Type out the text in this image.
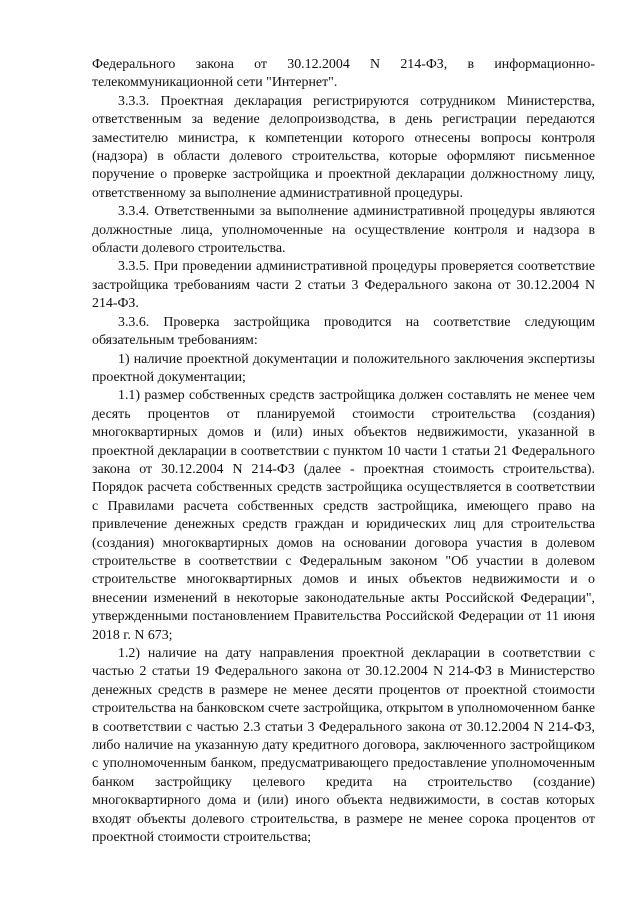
Федерального закона от 30.12.2004 N 214-ФЗ, в информационно-телекоммуникационной сети "Интернет".

3.3.3. Проектная декларация регистрируются сотрудником Министерства, ответственным за ведение делопроизводства, в день регистрации передаются заместителю министра, к компетенции которого отнесены вопросы контроля (надзора) в области долевого строительства, которые оформляют письменное поручение о проверке застройщика и проектной декларации должностному лицу, ответственному за выполнение административной процедуры.

3.3.4. Ответственными за выполнение административной процедуры являются должностные лица, уполномоченные на осуществление контроля и надзора в области долевого строительства.

3.3.5. При проведении административной процедуры проверяется соответствие застройщика требованиям части 2 статьи 3 Федерального закона от 30.12.2004 N 214-ФЗ.

3.3.6. Проверка застройщика проводится на соответствие следующим обязательным требованиям:

1) наличие проектной документации и положительного заключения экспертизы проектной документации;

1.1) размер собственных средств застройщика должен составлять не менее чем десять процентов от планируемой стоимости строительства (создания) многоквартирных домов и (или) иных объектов недвижимости, указанной в проектной декларации в соответствии с пунктом 10 части 1 статьи 21 Федерального закона от 30.12.2004 N 214-ФЗ (далее - проектная стоимость строительства). Порядок расчета собственных средств застройщика осуществляется в соответствии с Правилами расчета собственных средств застройщика, имеющего право на привлечение денежных средств граждан и юридических лиц для строительства (создания) многоквартирных домов на основании договора участия в долевом строительстве в соответствии с Федеральным законом "Об участии в долевом строительстве многоквартирных домов и иных объектов недвижимости и о внесении изменений в некоторые законодательные акты Российской Федерации", утвержденными постановлением Правительства Российской Федерации от 11 июня 2018 г. N 673;

1.2) наличие на дату направления проектной декларации в соответствии с частью 2 статьи 19 Федерального закона от 30.12.2004 N 214-ФЗ в Министерство денежных средств в размере не менее десяти процентов от проектной стоимости строительства на банковском счете застройщика, открытом в уполномоченном банке в соответствии с частью 2.3 статьи 3 Федерального закона от 30.12.2004 N 214-ФЗ, либо наличие на указанную дату кредитного договора, заключенного застройщиком с уполномоченным банком, предусматривающего предоставление уполномоченным банком застройщику целевого кредита на строительство (создание) многоквартирного дома и (или) иного объекта недвижимости, в состав которых входят объекты долевого строительства, в размере не менее сорока процентов от проектной стоимости строительства;
